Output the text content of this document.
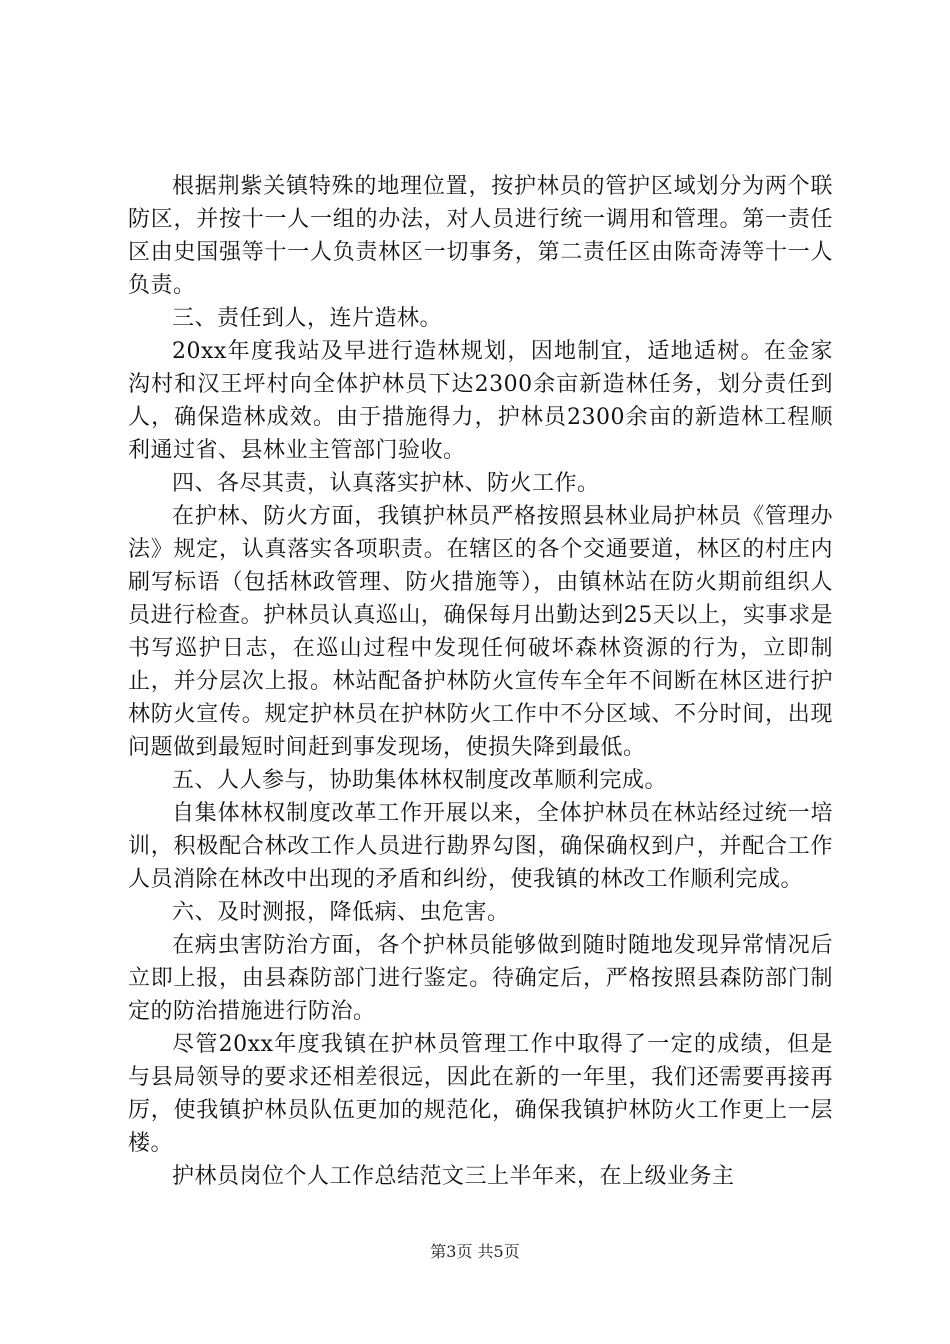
根据荆紫关镇特殊的地理位置，按护林员的管护区域划分为两个联防区，并按十一人一组的办法，对人员进行统一调用和管理。第一责任区由史国强等十一人负责林区一切事务，第二责任区由陈奇涛等十一人负责。

三、责任到人，连片造林。

20xx年度我站及早进行造林规划，因地制宜，适地适树。在金家沟村和汉王坪村向全体护林员下达2300余亩新造林任务，划分责任到人，确保造林成效。由于措施得力，护林员2300余亩的新造林工程顺利通过省、县林业主管部门验收。

四、各尽其责，认真落实护林、防火工作。

在护林、防火方面，我镇护林员严格按照县林业局护林员《管理办法》规定，认真落实各项职责。在辖区的各个交通要道，林区的村庄内刷写标语（包括林政管理、防火措施等），由镇林站在防火期前组织人员进行检查。护林员认真巡山，确保每月出勤达到25天以上，实事求是书写巡护日志，在巡山过程中发现任何破坏森林资源的行为，立即制止，并分层次上报。林站配备护林防火宣传车全年不间断在林区进行护林防火宣传。规定护林员在护林防火工作中不分区域、不分时间，出现问题做到最短时间赶到事发现场，使损失降到最低。

五、人人参与，协助集体林权制度改革顺利完成。

自集体林权制度改革工作开展以来，全体护林员在林站经过统一培训，积极配合林改工作人员进行勘界勾图，确保确权到户，并配合工作人员消除在林改中出现的矛盾和纠纷，使我镇的林改工作顺利完成。

六、及时测报，降低病、虫危害。

在病虫害防治方面，各个护林员能够做到随时随地发现异常情况后立即上报，由县森防部门进行鉴定。待确定后，严格按照县森防部门制定的防治措施进行防治。

尽管20xx年度我镇在护林员管理工作中取得了一定的成绩，但是与县局领导的要求还相差很远，因此在新的一年里，我们还需要再接再厉，使我镇护林员队伍更加的规范化，确保我镇护林防火工作更上一层楼。

护林员岗位个人工作总结范文三上半年来，在上级业务主

第3页 共5页
